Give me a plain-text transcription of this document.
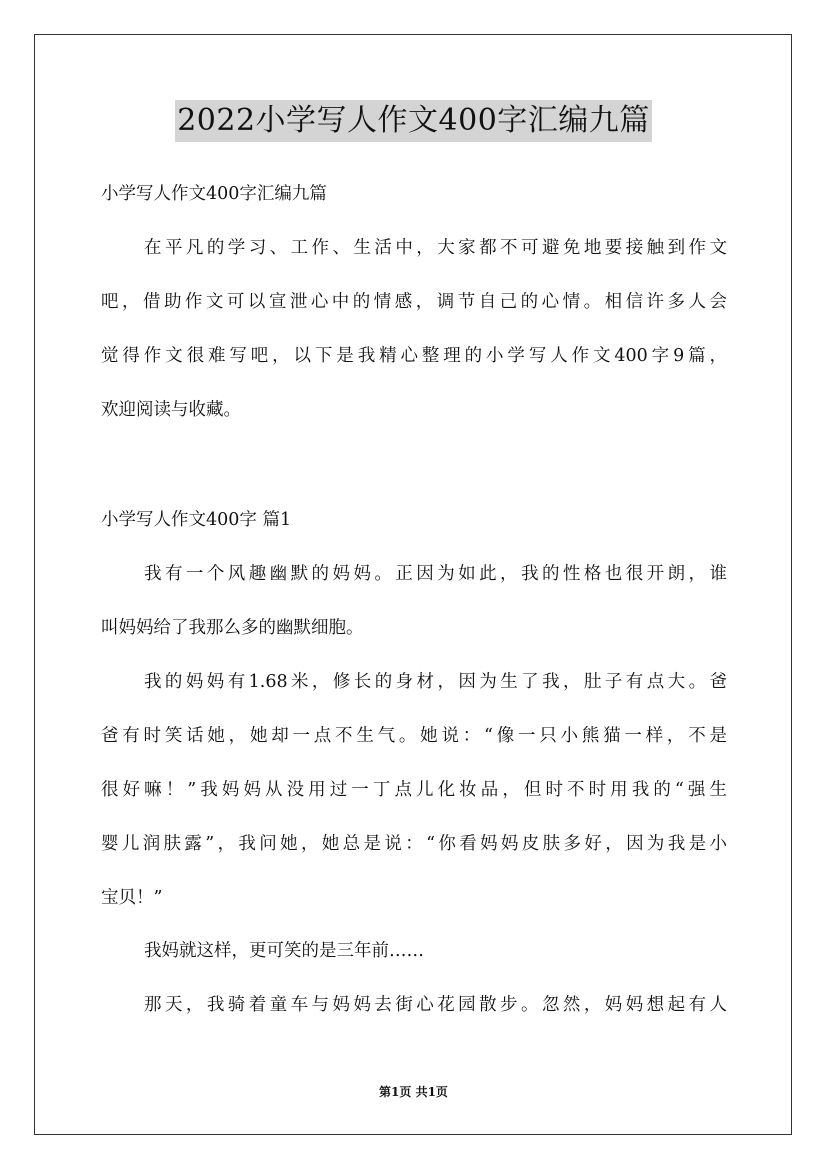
2022小学写人作文400字汇编九篇
小学写人作文400字汇编九篇
在平凡的学习、工作、生活中，大家都不可避免地要接触到作文
吧，借助作文可以宣泄心中的情感，调节自己的心情。相信许多人会
觉得作文很难写吧，以下是我精心整理的小学写人作文400字9篇，
欢迎阅读与收藏。
小学写人作文400字 篇1
我有一个风趣幽默的妈妈。正因为如此，我的性格也很开朗，谁
叫妈妈给了我那么多的幽默细胞。
我的妈妈有1.68米，修长的身材，因为生了我，肚子有点大。爸
爸有时笑话她，她却一点不生气。她说：“像一只小熊猫一样，不是
很好嘛！”我妈妈从没用过一丁点儿化妆品，但时不时用我的“强生
婴儿润肤露”，我问她，她总是说：“你看妈妈皮肤多好，因为我是小
宝贝！”
我妈就这样，更可笑的是三年前……
那天，我骑着童车与妈妈去街心花园散步。忽然，妈妈想起有人
第1页 共1页
